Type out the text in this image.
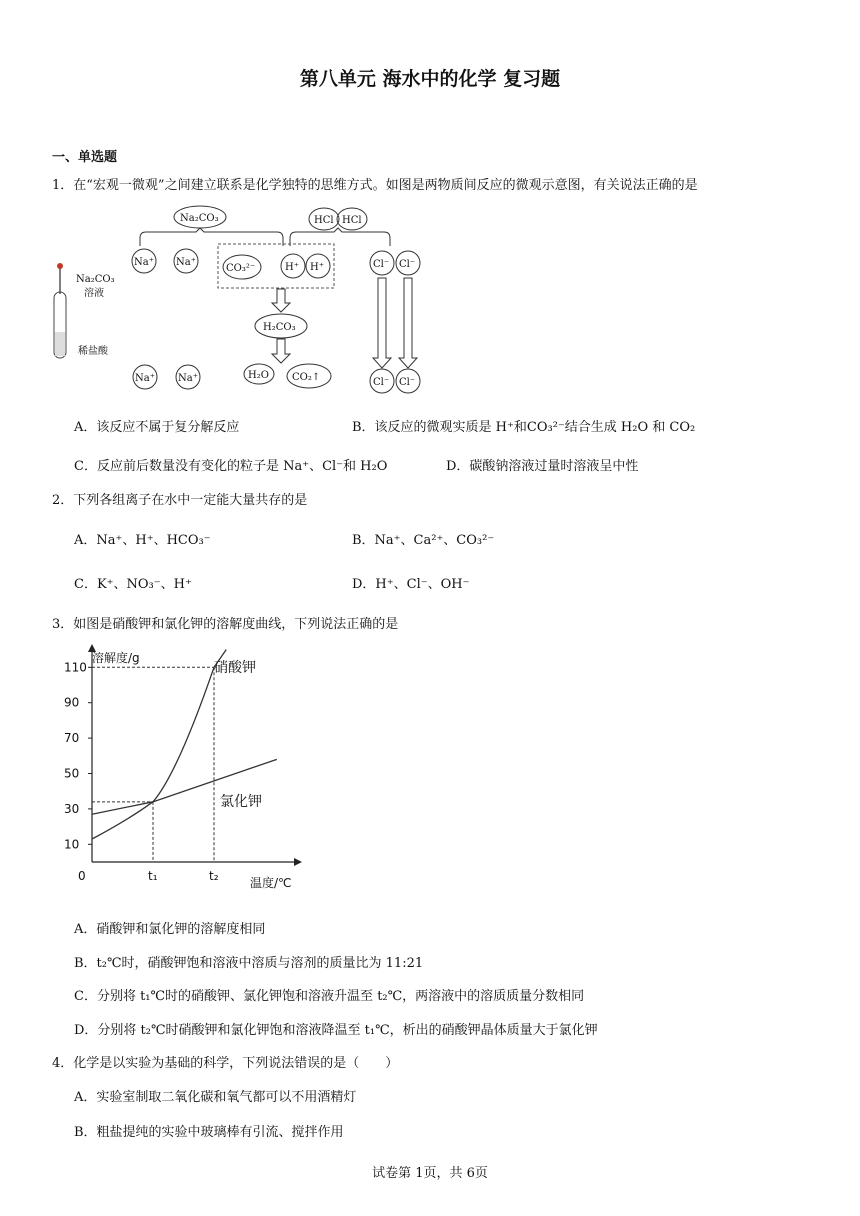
第八单元 海水中的化学 复习题
一、单选题
1．在“宏观一微观”之间建立联系是化学独特的思维方式。如图是两物质间反应的微观示意图，有关说法正确的是
Na₂CO₃
溶液
稀盐酸
Na₂CO₃	HCl HCl
Na⁺ Na⁺
CO₃²⁻	H⁺ H⁺	Cl⁻ Cl⁻
H₂CO₃
Na⁺ Na⁺	H₂O CO₂↑	Cl⁻ Cl⁻
A．该反应不属于复分解反应	B．该反应的微观实质是 H⁺和CO₃²⁻结合生成 H₂O 和 CO₂
C．反应前后数量没有变化的粒子是 Na⁺、Cl⁻和 H₂O	D．碳酸钠溶液过量时溶液呈中性
2．下列各组离子在水中一定能大量共存的是
A．Na⁺、H⁺、HCO₃⁻	B．Na⁺、Ca²⁺、CO₃²⁻
C．K⁺、NO₃⁻、H⁺	D．H⁺、Cl⁻、OH⁻
3．如图是硝酸钾和氯化钾的溶解度曲线，下列说法正确的是
溶解度/g
温度/℃
10
30
50
70
90
110
0	t₁	t₂
硝酸钾
氯化钾
A．硝酸钾和氯化钾的溶解度相同
B．t₂℃时，硝酸钾饱和溶液中溶质与溶剂的质量比为 11:21
C．分别将 t₁℃时的硝酸钾、氯化钾饱和溶液升温至 t₂℃，两溶液中的溶质质量分数相同
D．分别将 t₂℃时硝酸钾和氯化钾饱和溶液降温至 t₁℃，析出的硝酸钾晶体质量大于氯化钾
4．化学是以实验为基础的科学，下列说法错误的是（　　）
A．实验室制取二氧化碳和氧气都可以不用酒精灯
B．粗盐提纯的实验中玻璃棒有引流、搅拌作用
试卷第 1页，共 6页
